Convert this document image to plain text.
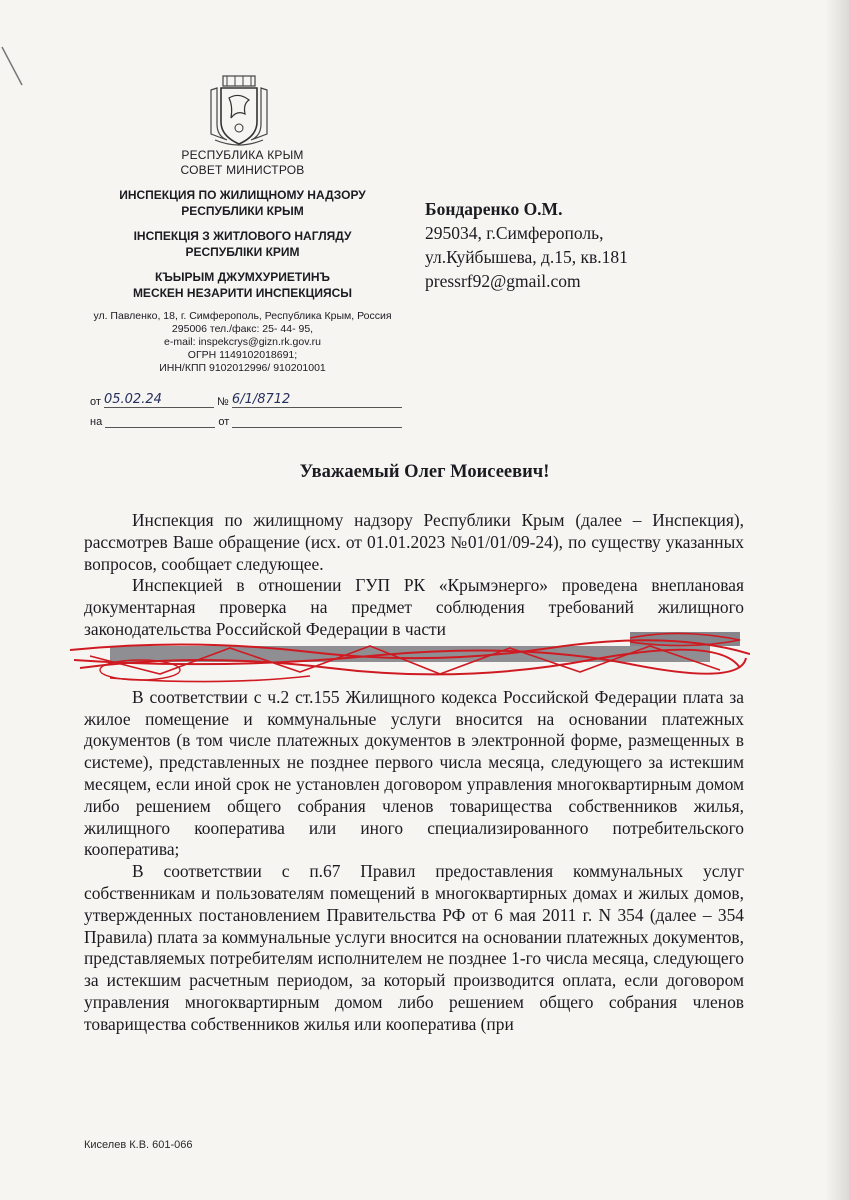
РЕСПУБЛИКА КРЫМ
СОВЕТ МИНИСТРОВ
ИНСПЕКЦИЯ ПО ЖИЛИЩНОМУ НАДЗОРУ
РЕСПУБЛИКИ КРЫМ
ІНСПЕКЦІЯ З ЖИТЛОВОГО НАГЛЯДУ
РЕСПУБЛІКИ КРИМ
КЪЫРЫМ ДЖУМХУРИЕТИНЪ
МЕСКЕН НЕЗАРИТИ ИНСПЕКЦИЯСЫ
ул. Павленко, 18, г. Симферополь, Республика Крым, Россия
295006 тел./факс: 25- 44- 95,
e-mail: inspekcrys@gizn.rk.gov.ru
ОГРН 1149102018691;
ИНН/КПП 9102012996/ 910201001
от 05.02.24	№ 6/1/8712
на	от
Бондаренко О.М.
295034, г.Симферополь,
ул.Куйбышева, д.15, кв.181
pressrf92@gmail.com
Уважаемый Олег Моисеевич!

Инспекция по жилищному надзору Республики Крым (далее – Инспекция), рассмотрев Ваше обращение (исх. от 01.01.2023 №01/01/09-24), по существу указанных вопросов, сообщает следующее.

Инспекцией в отношении ГУП РК «Крымэнерго» проведена внеплановая документарная проверка на предмет соблюдения требований жилищного законодательства Российской Федерации в части

В соответствии с ч.2 ст.155 Жилищного кодекса Российской Федерации плата за жилое помещение и коммунальные услуги вносится на основании платежных документов (в том числе платежных документов в электронной форме, размещенных в системе), представленных не позднее первого числа месяца, следующего за истекшим месяцем, если иной срок не установлен договором управления многоквартирным домом либо решением общего собрания членов товарищества собственников жилья, жилищного кооператива или иного специализированного потребительского кооператива;

В соответствии с п.67 Правил предоставления коммунальных услуг собственникам и пользователям помещений в многоквартирных домах и жилых домов, утвержденных постановлением Правительства РФ от 6 мая 2011 г. N 354 (далее – 354 Правила) плата за коммунальные услуги вносится на основании платежных документов, представляемых потребителям исполнителем не позднее 1-го числа месяца, следующего за истекшим расчетным периодом, за который производится оплата, если договором управления многоквартирным домом либо решением общего собрания членов товарищества собственников жилья или кооператива (при

Киселев К.В. 601-066
